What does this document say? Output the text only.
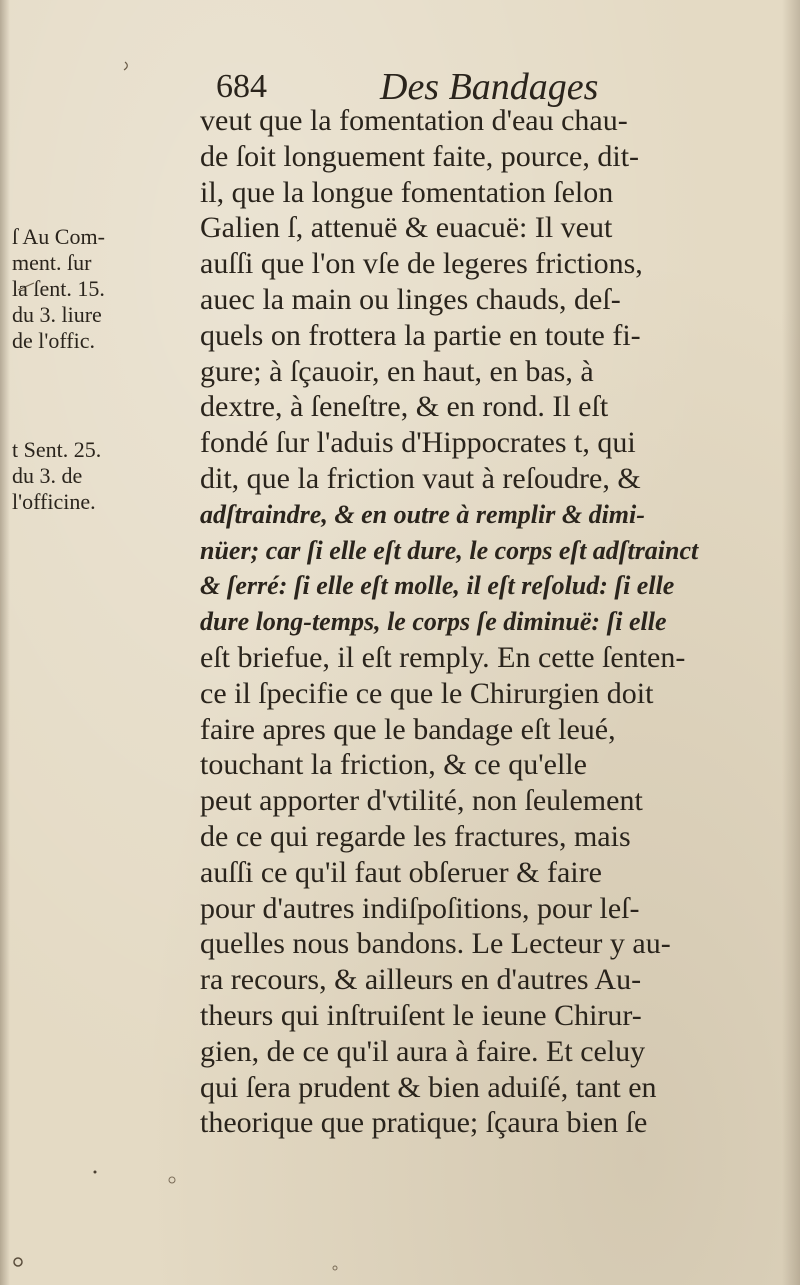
684	Des Bandages
ſ Au Com-
ment. ſur
la ſent. 15.
du 3. liure
de l'offic.
t Sent. 25.
du 3. de
l'officine.
veut que la fomentation d'eau chau-
de ſoit longuement faite, pource, dit-
il, que la longue fomentation ſelon
Galien ſ, attenuë & euacuë: Il veut
auſſi que l'on vſe de legeres frictions,
auec la main ou linges chauds, deſ-
quels on frottera la partie en toute fi-
gure; à ſçauoir, en haut, en bas, à
dextre, à ſeneſtre, & en rond. Il eſt
fondé ſur l'aduis d'Hippocrates t, qui
dit, que la friction vaut à reſoudre, &
adſtraindre, & en outre à remplir & dimi-
nüer; car ſi elle eſt dure, le corps eſt adſtrainct
& ſerré: ſi elle eſt molle, il eſt reſolud: ſi elle
dure long-temps, le corps ſe diminuë: ſi elle
eſt briefue, il eſt remply. En cette ſenten-
ce il ſpecifie ce que le Chirurgien doit
faire apres que le bandage eſt leué,
touchant la friction, & ce qu'elle
peut apporter d'vtilité, non ſeulement
de ce qui regarde les fractures, mais
auſſi ce qu'il faut obſeruer & faire
pour d'autres indiſpoſitions, pour leſ-
quelles nous bandons. Le Lecteur y au-
ra recours, & ailleurs en d'autres Au-
theurs qui inſtruiſent le ieune Chirur-
gien, de ce qu'il aura à faire. Et celuy
qui ſera prudent & bien aduiſé, tant en
theorique que pratique; ſçaura bien ſe
